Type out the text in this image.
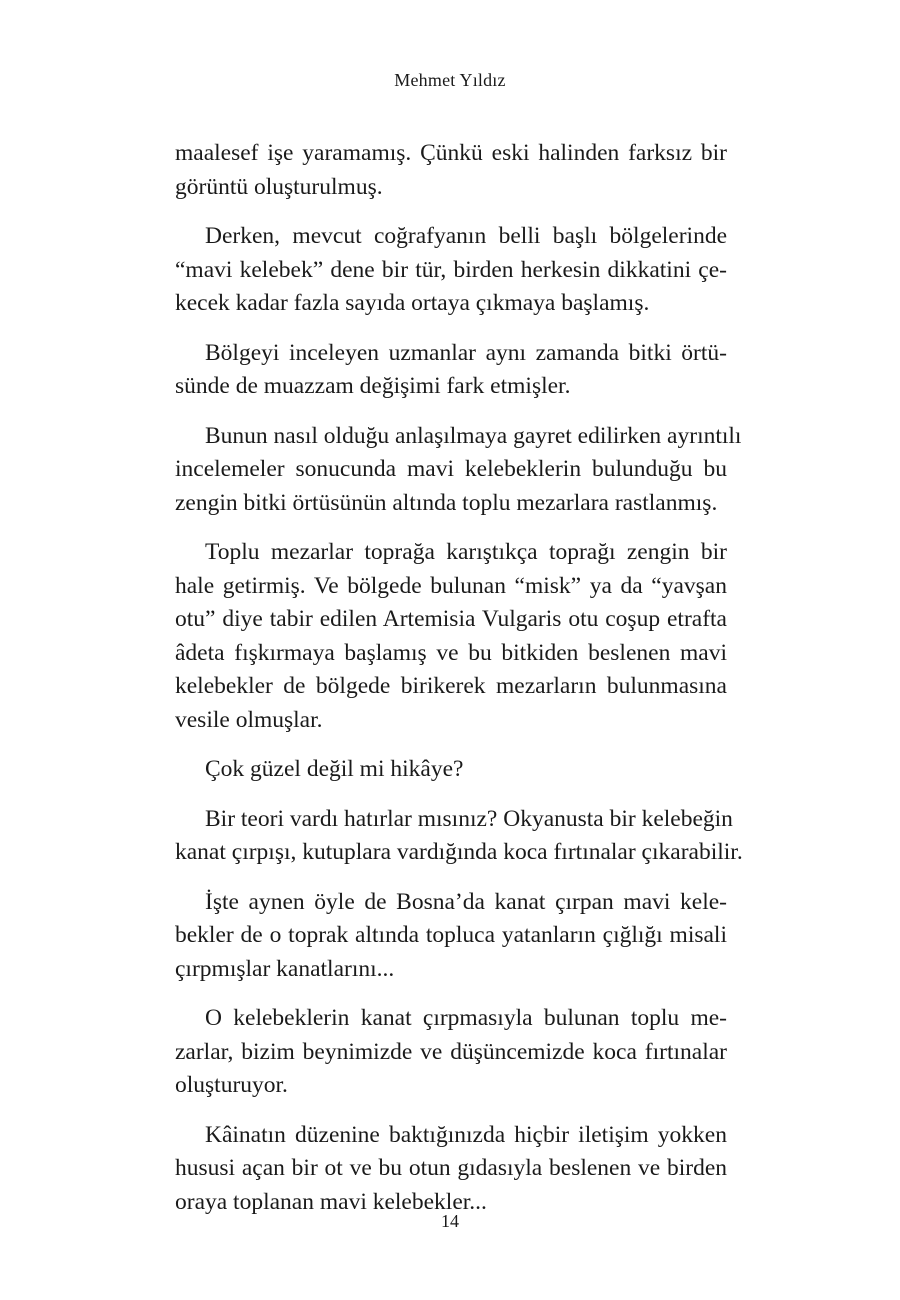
Mehmet Yıldız
maalesef işe yaramamış. Çünkü eski halinden farksız bir
görüntü oluşturulmuş.
Derken, mevcut coğrafyanın belli başlı bölgelerinde
“mavi kelebek” dene bir tür, birden herkesin dikkatini çe-
kecek kadar fazla sayıda ortaya çıkmaya başlamış.
Bölgeyi inceleyen uzmanlar aynı zamanda bitki örtü-
sünde de muazzam değişimi fark etmişler.
Bunun nasıl olduğu anlaşılmaya gayret edilirken ayrıntılı
incelemeler sonucunda mavi kelebeklerin bulunduğu bu
zengin bitki örtüsünün altında toplu mezarlara rastlanmış.
Toplu mezarlar toprağa karıştıkça toprağı zengin bir
hale getirmiş. Ve bölgede bulunan “misk” ya da “yavşan
otu” diye tabir edilen Artemisia Vulgaris otu coşup etrafta
âdeta fışkırmaya başlamış ve bu bitkiden beslenen mavi
kelebekler de bölgede birikerek mezarların bulunmasına
vesile olmuşlar.
Çok güzel değil mi hikâye?
Bir teori vardı hatırlar mısınız? Okyanusta bir kelebeğin
kanat çırpışı, kutuplara vardığında koca fırtınalar çıkarabilir.
İşte aynen öyle de Bosna’da kanat çırpan mavi kele-
bekler de o toprak altında topluca yatanların çığlığı misali
çırpmışlar kanatlarını...
O kelebeklerin kanat çırpmasıyla bulunan toplu me-
zarlar, bizim beynimizde ve düşüncemizde koca fırtınalar
oluşturuyor.
Kâinatın düzenine baktığınızda hiçbir iletişim yokken
hususi açan bir ot ve bu otun gıdasıyla beslenen ve birden
oraya toplanan mavi kelebekler...
14
